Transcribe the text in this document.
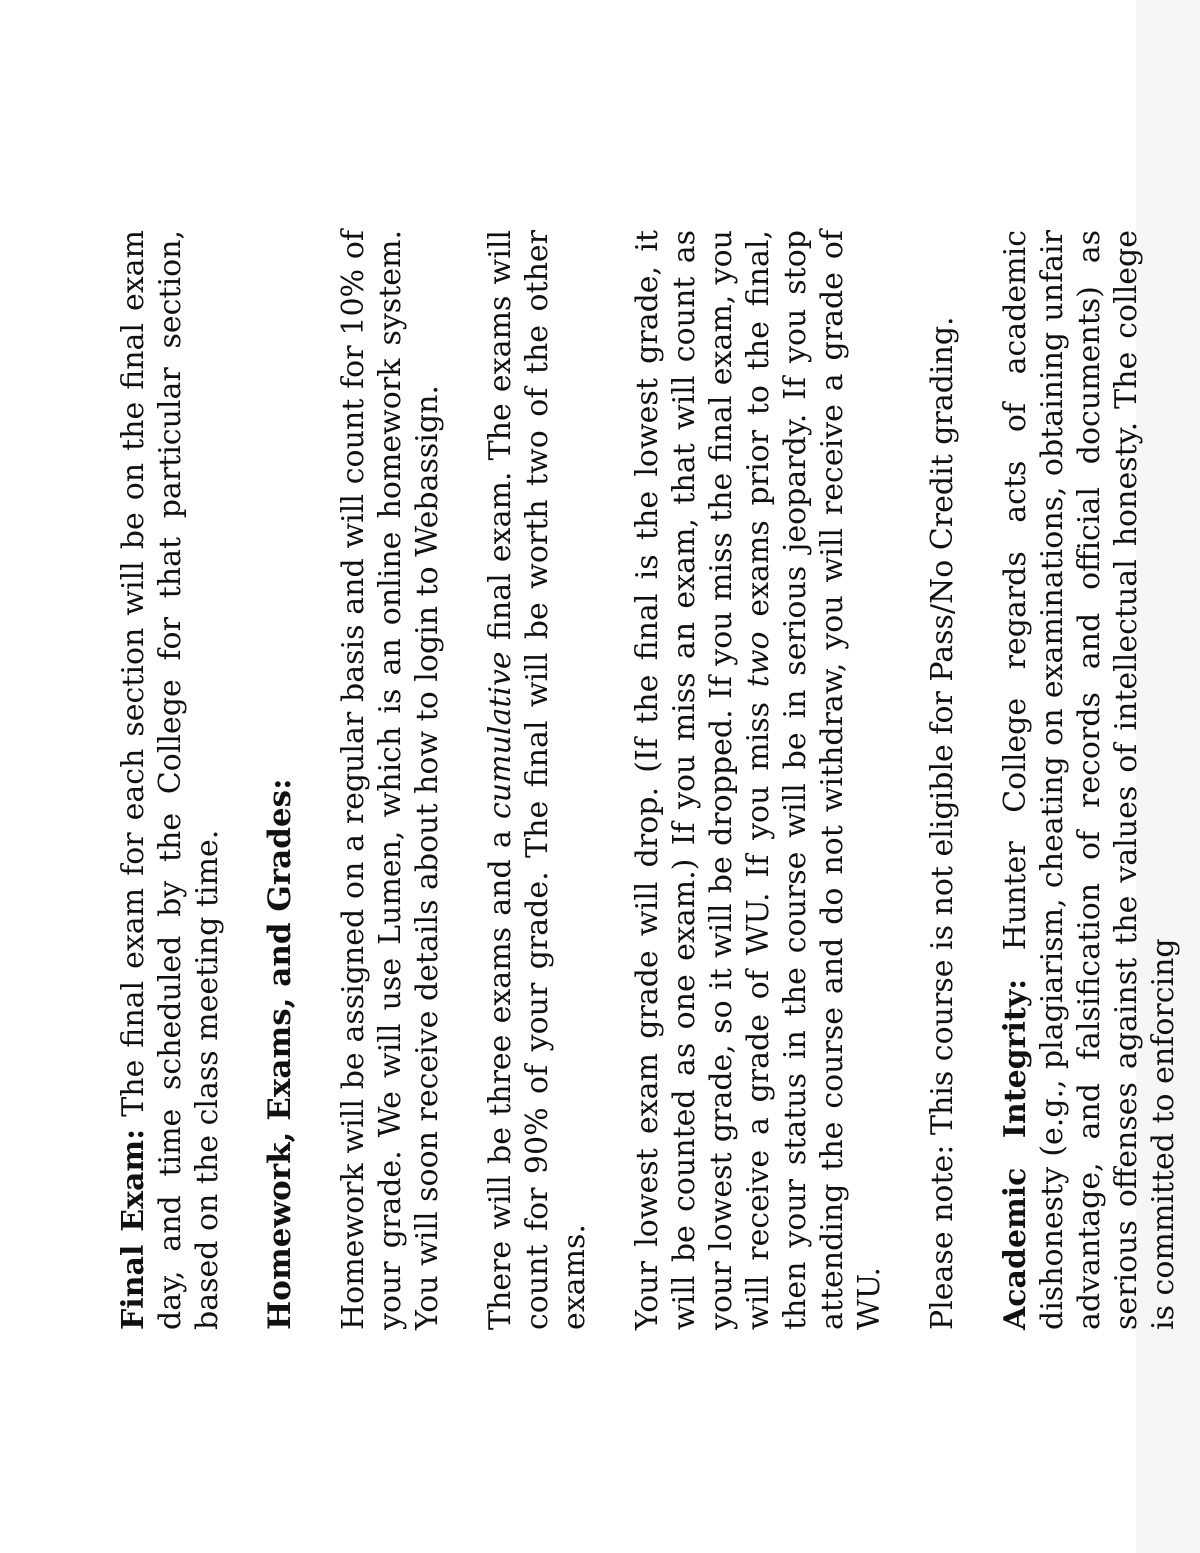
Final Exam: The final exam for each section will be on the final exam day, and time scheduled by the College for that particular section, based on the class meeting time. Homework, Exams, and Grades: Homework will be assigned on a regular basis and will count for 10% of your grade. We will use Lumen, which is an online homework system. You will soon receive details about how to login to Webassign. There will be three exams and a cumulative final exam. The exams will count for 90% of your grade. The final will be worth two of the other exams. Your lowest exam grade will drop. (If the final is the lowest grade, it will be counted as one exam.) If you miss an exam, that will count as your lowest grade, so it will be dropped. If you miss the final exam, you will receive a grade of WU. If you miss two exams prior to the final, then your status in the course will be in serious jeopardy. If you stop attending the course and do not withdraw, you will receive a grade of WU. Please note: This course is not eligible for Pass/No Credit grading. Academic Integrity: Hunter College regards acts of academic dishonesty (e.g., plagiarism, cheating on examinations, obtaining unfair advantage, and falsification of records and official documents) as serious offenses against the values of intellectual honesty. The college is committed to enforcing
